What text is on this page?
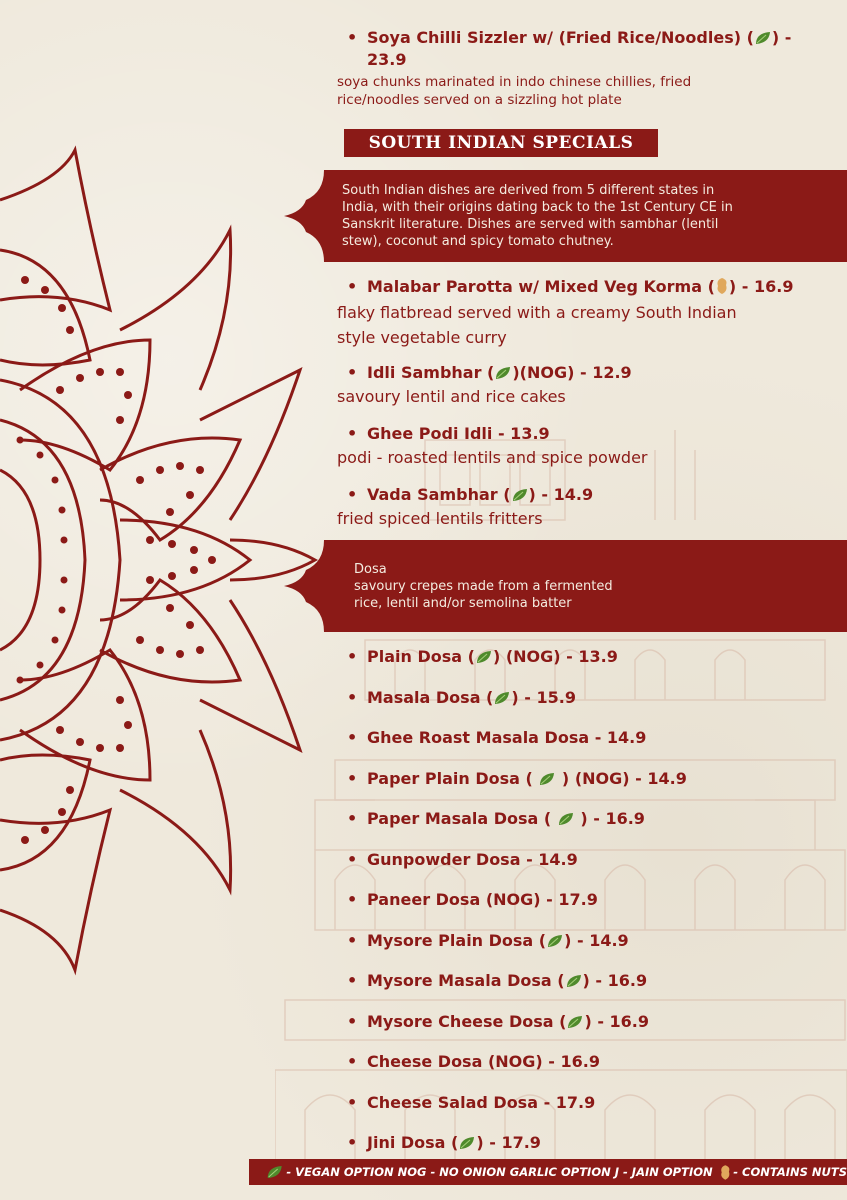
• Soya Chilli Sizzler w/ (Fried Rice/Noodles) ( ) -

23.9

soya chunks marinated in indo chinese chillies, fried
rice/noodles served on a sizzling hot plate
SOUTH INDIAN SPECIALS
South Indian dishes are derived from 5 different states in
India, with their origins dating back to the 1st Century CE in
Sanskrit literature. Dishes are served with sambhar (lentil
stew), coconut and spicy tomato chutney.

• Malabar Parotta w/ Mixed Veg Korma ( ) - 16.9

flaky flatbread served with a creamy South Indian
style vegetable curry

• Idli Sambhar ( )(NOG) - 12.9

savoury lentil and rice cakes

• Ghee Podi Idli - 13.9

podi - roasted lentils and spice powder

• Vada Sambhar ( ) - 14.9

fried spiced lentils fritters
Dosa
savoury crepes made from a fermented
rice, lentil and/or semolina batter

• Plain Dosa ( ) (NOG) - 13.9

• Masala Dosa ( ) - 15.9

• Ghee Roast Masala Dosa - 14.9

• Paper Plain Dosa (  ) (NOG) - 14.9

• Paper Masala Dosa (  ) - 16.9

• Gunpowder Dosa - 14.9

• Paneer Dosa (NOG) - 17.9

• Mysore Plain Dosa ( ) - 14.9

• Mysore Masala Dosa ( ) - 16.9

• Mysore Cheese Dosa ( ) - 16.9

• Cheese Dosa (NOG) - 16.9

• Cheese Salad Dosa - 17.9

• Jini Dosa ( ) - 17.9

- VEGAN OPTION
NOG - NO ONION GARLIC OPTION
J - JAIN OPTION
- CONTAINS NUTS
